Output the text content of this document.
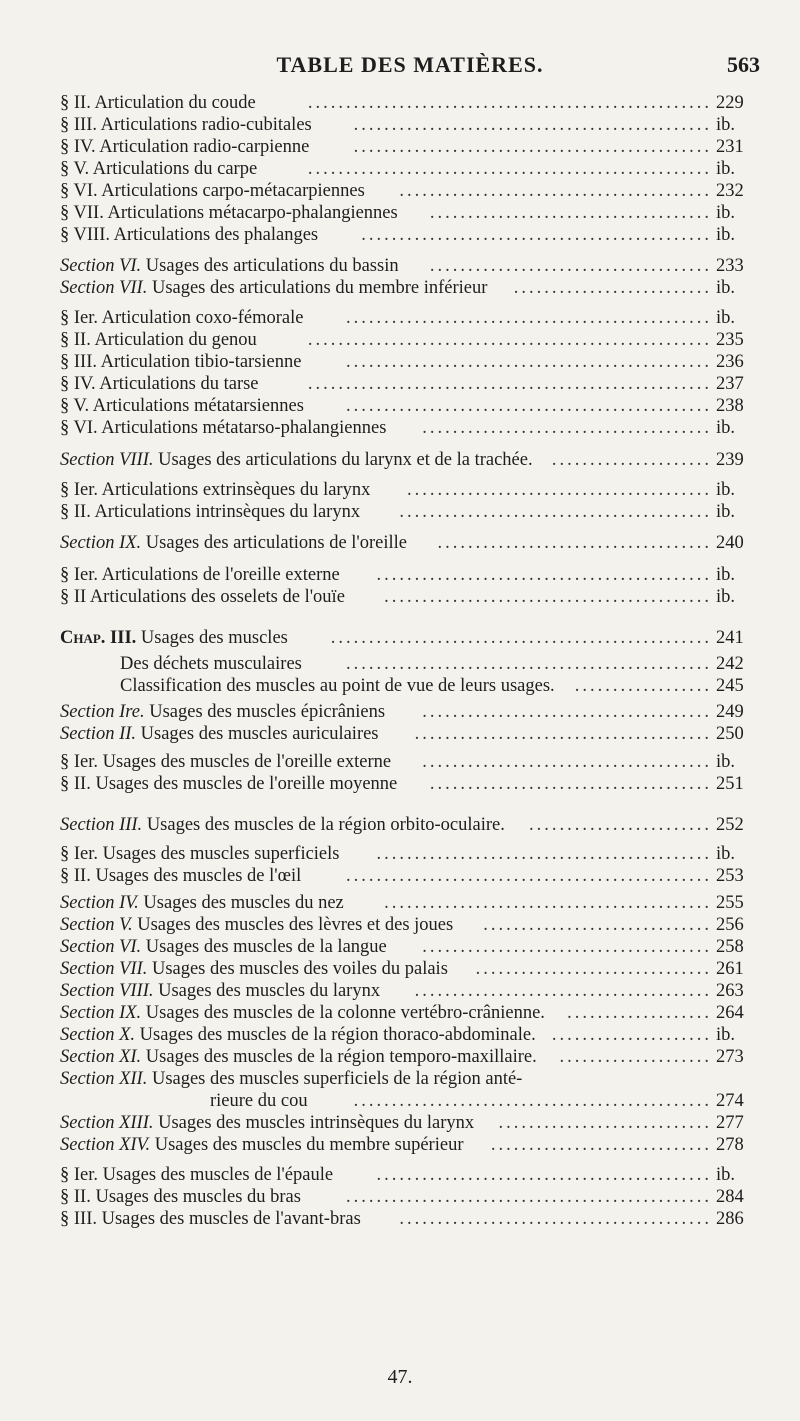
TABLE DES MATIÈRES.	563
§ II. Articulation du coude	229
.....................................................
§ III. Articulations radio-cubitales	ib.
...............................................
§ IV. Articulation radio-carpienne	231
...............................................
§ V. Articulations du carpe	ib.
.....................................................
§ VI. Articulations carpo-métacarpiennes	232
.........................................
§ VII. Articulations métacarpo-phalangiennes	ib.
.....................................
§ VIII. Articulations des phalanges	ib.
..............................................
Section VI. Usages des articulations du bassin	233
.....................................
Section VII. Usages des articulations du membre inférieur	ib.
..........................
§ Ier. Articulation coxo-fémorale	ib.
................................................
§ II. Articulation du genou	235
.....................................................
§ III. Articulation tibio-tarsienne	236
................................................
§ IV. Articulations du tarse	237
.....................................................
§ V. Articulations métatarsiennes	238
................................................
§ VI. Articulations métatarso-phalangiennes	ib.
......................................
Section VIII. Usages des articulations du larynx et de la trachée.	239
.....................
§ Ier. Articulations extrinsèques du larynx	ib.
........................................
§ II. Articulations intrinsèques du larynx	ib.
.........................................
Section IX. Usages des articulations de l'oreille	240
....................................
§ Ier. Articulations de l'oreille externe	ib.
............................................
§ II Articulations des osselets de l'ouïe	ib.
...........................................
Chap. III. Usages des muscles	241
..................................................
Des déchets musculaires	242
................................................
Classification des muscles au point de vue de leurs usages.	245
..................
Section Ire. Usages des muscles épicrâniens	249
......................................
Section II. Usages des muscles auriculaires	250
.......................................
§ Ier. Usages des muscles de l'oreille externe	ib.
......................................
§ II. Usages des muscles de l'oreille moyenne	251
.....................................
Section III. Usages des muscles de la région orbito-oculaire.	252
........................
§ Ier. Usages des muscles superficiels	ib.
............................................
§ II. Usages des muscles de l'œil	253
................................................
Section IV. Usages des muscles du nez	255
...........................................
Section V. Usages des muscles des lèvres et des joues	256
..............................
Section VI. Usages des muscles de la langue	258
......................................
Section VII. Usages des muscles des voiles du palais	261
...............................
Section VIII. Usages des muscles du larynx	263
.......................................
Section IX. Usages des muscles de la colonne vertébro-crânienne.	264
...................
Section X. Usages des muscles de la région thoraco-abdominale.	ib.
.....................
Section XI. Usages des muscles de la région temporo-maxillaire.	273
....................
Section XII. Usages des muscles superficiels de la région anté-
rieure du cou	274
...............................................
Section XIII. Usages des muscles intrinsèques du larynx	277
............................
Section XIV. Usages des muscles du membre supérieur	278
.............................
§ Ier. Usages des muscles de l'épaule	ib.
............................................
§ II. Usages des muscles du bras	284
................................................
§ III. Usages des muscles de l'avant-bras	286
.........................................
47.
